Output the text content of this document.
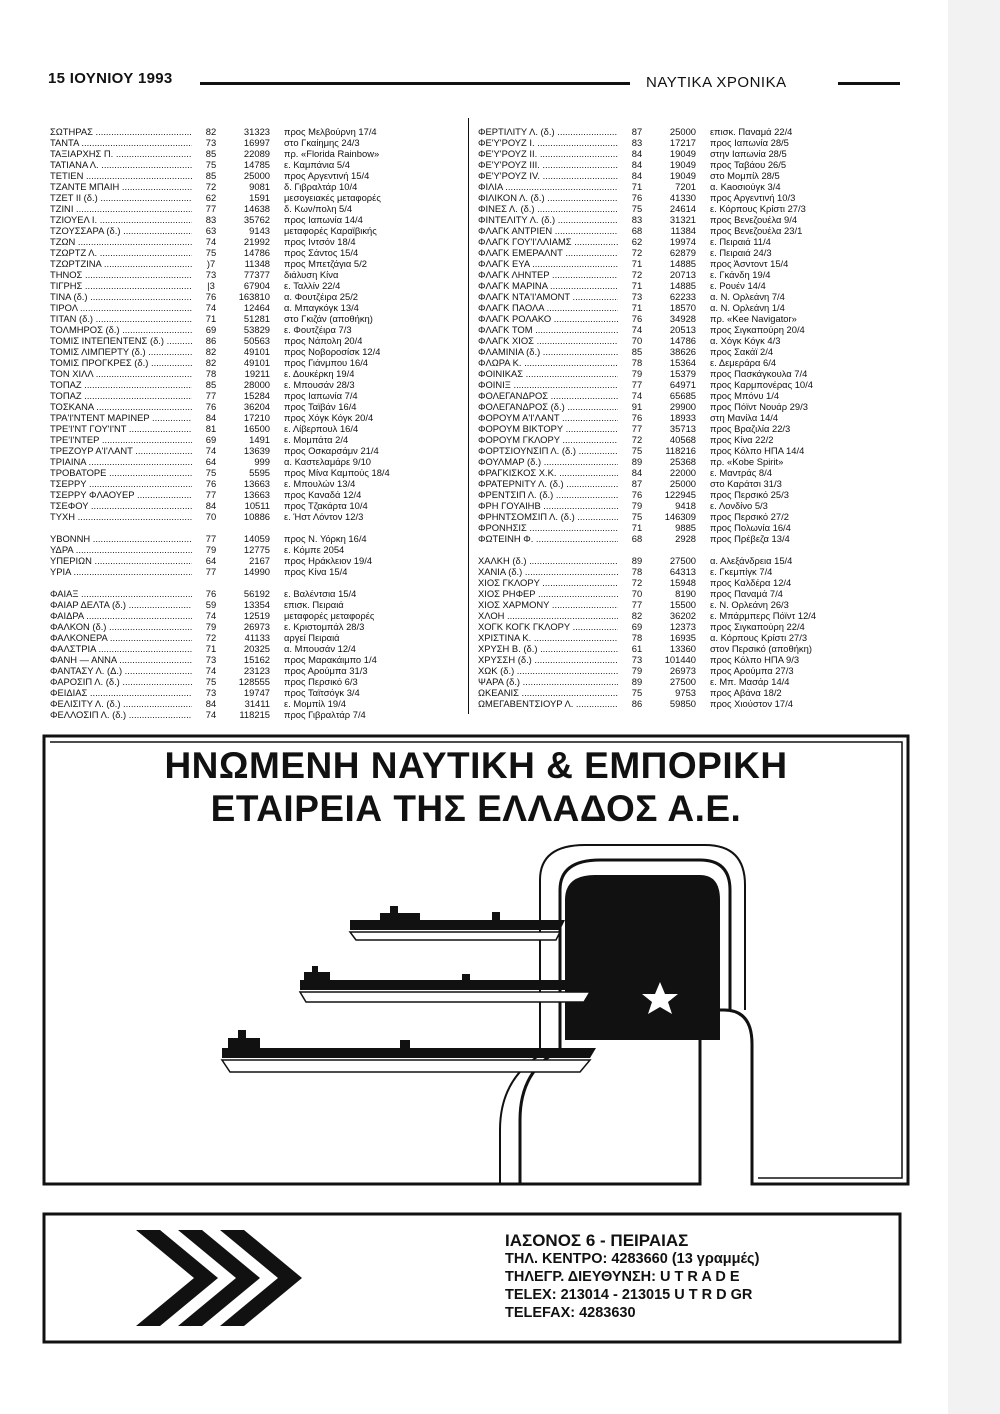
15 ΙΟΥΝΙΟΥ 1993	ΝΑΥΤΙΚΑ ΧΡΟΝΙΚΑ
ΣΩΤΗΡΑΣ .....	82	31323	προς Μελβούρνη 17/4
ΤΑΝΤΑ .....	73	16997	στο Γκαίημης 24/3
ΤΑΞΙΑΡΧΗΣ Π. .....	85	22089	πρ. «Florida Rainbow»
ΤΑΤΙΑΝΑ Λ. .....	75	14785	ε. Καμπάνια 5/4
ΤΕΤΙΕΝ .....	85	25000	προς Αργεντινή 15/4
ΤΖΑΝΤΕ ΜΠΑΙΗ .....	72	9081	δ. Γιβραλτάρ 10/4
ΤΖΕΤ II (δ.) .....	62	1591	μεσογειακές μεταφορές
ΤΖΙΝΙ .....	77	14638	δ. Κων/πολη 5/4
ΤΖΙΟΥΕΛ Ι. .....	83	35762	προς Ιαπωνία 14/4
ΤΖΟΥΣΣΑΡΑ (δ.) .....	63	9143	μεταφορές Καραϊβικής
ΤΖΩΝ .....	74	21992	προς Ιντσόν 18/4
ΤΖΩΡΤΖ Λ. .....	75	14786	προς Σάντος 15/4
ΤΖΩΡΤΖΙΝΑ .....	)7	11348	προς Μπετζάγια 5/2
ΤΗΝΟΣ .....	73	77377	διάλυση Κίνα
ΤΙΓΡΗΣ .....	|3	67904	ε. Ταλλίν 22/4
ΤΙΝΑ (δ.) .....	76	163810	α. Φουτζέιρα 25/2
ΤΙΡΟΛ .....	74	12464	α. Μπαγκόγκ 13/4
ΤΙΤΑΝ (δ.) .....	71	51281	στο Γκιζάν (αποθήκη)
ΤΟΛΜΗΡΟΣ (δ.) .....	69	53829	ε. Φουτζέιρα 7/3
ΤΟΜΙΣ ΙΝΤΕΠΕΝΤΕΝΣ (δ.) .....	86	50563	προς Νάπολη 20/4
ΤΟΜΙΣ ΛΙΜΠΕΡΤΥ (δ.) .....	82	49101	προς Νοβοροσίσκ 12/4
ΤΟΜΙΣ ΠΡΟΓΚΡΕΣ (δ.) .....	82	49101	προς Γιάνμπου 16/4
ΤΟΝ ΧΙΛΛ .....	78	19211	ε. Δουκέρκη 19/4
ΤΟΠΑΖ .....	85	28000	ε. Μπουσάν 28/3
ΤΟΠΑΖ .....	77	15284	προς Ιαπωνία 7/4
ΤΟΣΚΑΝΑ .....	76	36204	προς Ταϊβάν 16/4
ΤΡΑ'Ι'ΝΤΕΝΤ ΜΑΡΙΝΕΡ .....	84	17210	προς Χόγκ Κόγκ 20/4
ΤΡΕ'Ι'ΝΤ ΓΟΥ'Ι'ΝΤ .....	81	16500	ε. Λίβερπουλ 16/4
ΤΡΕ'Ι'ΝΤΕΡ .....	69	1491	ε. Μομπάτα 2/4
ΤΡΕΖΟΥΡ Α'Ι'ΛΑΝΤ .....	74	13639	προς Οσκαρσάμν 21/4
ΤΡΙΑΙΝΑ .....	64	999	α. Καστελαμάρε 9/10
ΤΡΟΒΑΤΟΡΕ .....	75	5595	προς Μίνα Καμπούς 18/4
ΤΣΕΡΡΥ .....	76	13663	ε. Μπουλών 13/4
ΤΣΕΡΡΥ ΦΛΑΟΥΕΡ .....	77	13663	προς Καναδά 12/4
ΤΣΕΦΟΥ .....	84	10511	προς Τζακάρτα 10/4
ΤΥΧΗ .....	70	10886	ε. Ήστ Λόντον 12/3
ΥΒΟΝΝΗ .....	77	14059	προς Ν. Υόρκη 16/4
ΥΔΡΑ .....	79	12775	ε. Κόμπε 2054
ΥΠΕΡΙΩΝ .....	64	2167	προς Ηράκλειον 19/4
ΥΡΙΑ .....	77	14990	προς Κίνα 15/4
ΦΑΙΑΞ .....	76	56192	ε. Βαλέντσια 15/4
ΦΑΙΑΡ ΔΕΛΤΑ (δ.) .....	59	13354	επισκ. Πειραιά
ΦΑΙΔΡΑ .....	74	12519	μεταφορές μεταφορές
ΦΑΛΚΟΝ (δ.) .....	79	26973	ε. Κριστομπάλ 28/3
ΦΑΛΚΟΝΕΡΑ .....	72	41133	αργεί Πειραιά
ΦΑΛΣΤΡΙΑ .....	71	20325	α. Μπουσάν 12/4
ΦΑΝΗ — ΑΝΝΑ .....	73	15162	προς Μαρακάιμπο 1/4
ΦΑΝΤΑΣΥ Λ. (Δ.) .....	74	23123	προς Αρούμπα 31/3
ΦΑΡΟΣΙΠ Λ. (δ.) .....	75	128555	προς Περσικό 6/3
ΦΕΙΔΙΑΣ .....	73	19747	προς Ταϊτσόγκ 3/4
ΦΕΛΙΣΙΤΥ Λ. (δ.) .....	84	31411	ε. Μομπίλ 19/4
ΦΕΛΛΟΣΙΠ Λ. (δ.) .....	74	118215	προς Γιβραλτάρ 7/4
ΦΕΡΤΙΛΙΤΥ Λ. (δ.) .....	87	25000	επισκ. Παναμά 22/4
ΦΕ'Υ'ΡΟΥΖ Ι. .....	83	17217	προς Ιαπωνία 28/5
ΦΕ'Υ'ΡΟΥΖ ΙΙ. .....	84	19049	στην Ιαπωνία 28/5
ΦΕ'Υ'ΡΟΥΖ ΙΙΙ. .....	84	19049	προς Ταβάου 26/5
ΦΕ'Υ'ΡΟΥΖ IV. .....	84	19049	στο Μομπίλ 28/5
ΦΙΛΙΑ .....	71	7201	α. Κaοσιούγκ 3/4
ΦΙΛΙΚΟΝ Λ. (δ.) .....	76	41330	προς Αργεντινή 10/3
ΦΙΝΕΣ Λ. (δ.) .....	75	24614	ε. Κόρπους Κρίστι 27/3
ΦΙΝΤΕΛΙΤΥ Λ. (δ.) .....	83	31321	προς Βενεζουέλα 9/4
ΦΛΑΓΚ ΑΝΤΡΙΕΝ .....	68	11384	προς Βενεζουέλα 23/1
ΦΛΑΓΚ ΓΟΥ'Ι'ΛΛΙΑΜΣ .....	62	19974	ε. Πειραιά 11/4
ΦΛΑΓΚ ΕΜΕΡΑΛΝΤ .....	72	62879	ε. Πειραιά 24/3
ΦΛΑΓΚ ΕΥΑ .....	71	14885	προς Άσντοντ 15/4
ΦΛΑΓΚ ΛΗΝΤΕΡ .....	72	20713	ε. Γκάνδη 19/4
ΦΛΑΓΚ ΜΑΡΙΝΑ .....	71	14885	ε. Ρουέν 14/4
ΦΛΑΓΚ ΝΤΑ'Ι'ΑΜΟΝΤ .....	73	62233	α. Ν. Ορλεάνη 7/4
ΦΛΑΓΚ ΠΑΟΛΑ .....	71	18570	α. Ν. Ορλεάνη 1/4
ΦΛΑΓΚ ΡΟΛΑΚΟ .....	76	34928	πρ. «Kee Navigator»
ΦΛΑΓΚ ΤΟΜ .....	74	20513	προς Σιγκαπούρη 20/4
ΦΛΑΓΚ ΧΙΟΣ .....	70	14786	α. Χόγκ Κόγκ 4/3
ΦΛΑΜΙΝΙΑ (δ.) .....	85	38626	προς Σακάϊ 2/4
ΦΛΩΡΑ Κ. .....	78	15364	ε. Δεμεράρα 6/4
ΦΟΙΝΙΚΑΣ .....	79	15379	προς Πασκάγκουλα 7/4
ΦΟΙΝΙΞ .....	77	64971	προς Καρμπονέρας 10/4
ΦΟΛΕΓΑΝΔΡΟΣ .....	74	65685	προς Μπόνυ 1/4
ΦΟΛΕΓΑΝΔΡΟΣ (δ.) .....	91	29900	προς Πόϊντ Νουάρ 29/3
ΦΟΡΟΥΜ Α'Ι'ΛΑΝΤ .....	76	18933	στη Μανίλα 14/4
ΦΟΡΟΥΜ ΒΙΚΤΟΡΥ .....	77	35713	προς Βραζιλία 22/3
ΦΟΡΟΥΜ ΓΚΛΟΡΥ .....	72	40568	προς Κίνα 22/2
ΦΟΡΤΣΙΟΥΝΣΙΠ Λ. (δ.) .....	75	118216	προς Κόλπο ΗΠΑ 14/4
ΦΟΥΛΜΑΡ (δ.) .....	89	25368	πρ. «Kobe Spirit»
ΦΡΑΓΚΙΣΚΟΣ Χ.Κ. .....	84	22000	ε. Μαντράς 8/4
ΦΡΑΤΕΡΝΙΤΥ Λ. (δ.) .....	87	25000	στο Καράτσι 31/3
ΦΡΕΝΤΣΙΠ Λ. (δ.) .....	76	122945	προς Περσικό 25/3
ΦΡΗ ΓΟΥΑΙΗΒ .....	79	9418	ε. Λονδίνο 5/3
ΦΡΗΝΤΣΟΜΣΙΠ Λ. (δ.) .....	75	146309	προς Περσικό 27/2
ΦΡΟΝΗΣΙΣ .....	71	9885	προς Πολωνία 16/4
ΦΩΤΕΙΝΗ Φ. .....	68	2928	προς Πρέβεζα 13/4
ΧΑΛΚΗ (δ.) .....	89	27500	α. Αλεξάνδρεια 15/4
ΧΑΝΙΑ (δ.) .....	78	64313	ε. Γκεμπίγκ 7/4
ΧΙΟΣ ΓΚΛΟΡΥ .....	72	15948	προς Καλδέρα 12/4
ΧΙΟΣ ΡΗΦΕΡ .....	70	8190	προς Παναμά 7/4
ΧΙΟΣ ΧΑΡΜΟΝΥ .....	77	15500	ε. Ν. Ορλεάνη 26/3
ΧΛΟΗ .....	82	36202	ε. Μπάρμπερς Πόϊντ 12/4
ΧΟΓΚ ΚΟΓΚ ΓΚΛΟΡΥ .....	69	12373	προς Σιγκαπούρη 22/4
ΧΡΙΣΤΙΝΑ Κ. .....	78	16935	α. Κόρπους Κρίστι 27/3
ΧΡΥΣΗ Β. (δ.) .....	61	13360	στον Περσικό (αποθήκη)
ΧΡΥΣΣΗ (δ.) .....	73	101440	προς Κόλπο ΗΠΑ 9/3
ΧΩΚ (δ.) .....	79	26973	προς Αρούμπα 27/3
ΨΑΡΑ (δ.) .....	89	27500	ε. Μπ. Μασάρ 14/4
ΩΚΕΑΝΙΣ .....	75	9753	προς Αβάνα 18/2
ΩΜΕΓΑΒΕΝΤΣΙΟΥΡ Λ. .....	86	59850	προς Χιούστον 17/4
ΗΝΩΜΕΝΗ ΝΑΥΤΙΚΗ & ΕΜΠΟΡΙΚΗ
ΕΤΑΙΡΕΙΑ ΤΗΣ ΕΛΛΑΔΟΣ Α.Ε.
ΙΑΣΟΝΟΣ 6 - ΠΕΙΡΑΙΑΣ
ΤΗΛ. ΚΕΝΤΡΟ: 4283660 (13 γραμμές)
ΤΗΛΕΓΡ. ΔΙΕΥΘΥΝΣΗ: U T R A D E
TELEX: 213014 - 213015 U T R D GR
TELEFAX: 4283630
